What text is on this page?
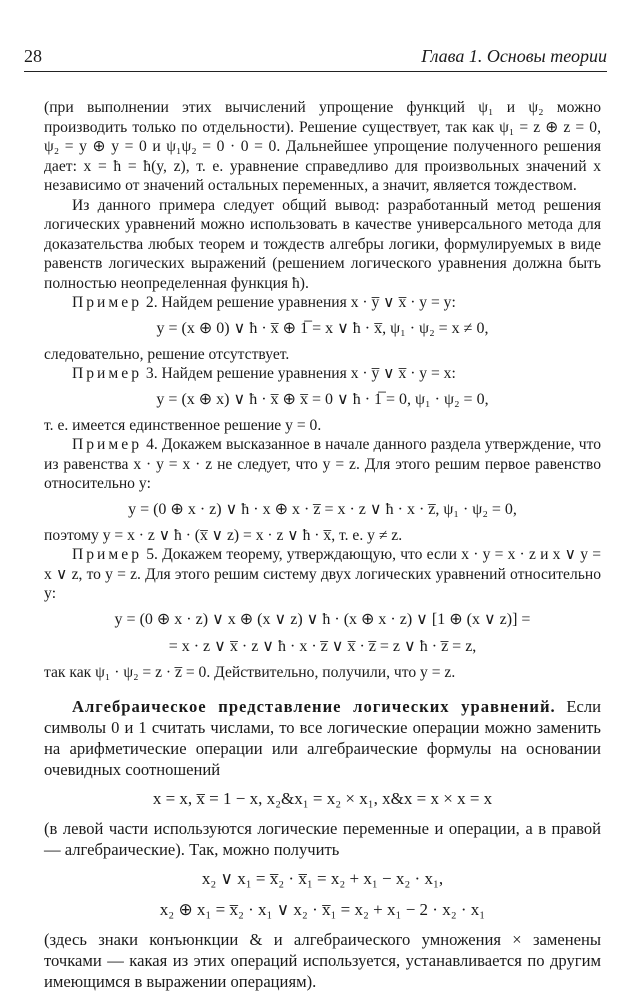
28	Глава 1. Основы теории

(при выполнении этих вычислений упрощение функций ψ₁ и ψ₂ можно производить только по отдельности). Решение существует, так как ψ₁ = z ⊕ z = 0, ψ₂ = y ⊕ y = 0 и ψ₁ψ₂ = 0 · 0 = 0. Дальнейшее упрощение полученного решения дает: x = ħ = ħ(y, z), т. е. уравнение справедливо для произвольных значений x независимо от значений остальных переменных, а значит, является тождеством.

Из данного примера следует общий вывод: разработанный метод решения логических уравнений можно использовать в качестве универсального метода для доказательства любых теорем и тождеств алгебры логики, формулируемых в виде равенств логических выражений (решением логического уравнения должна быть полностью неопределенная функция ħ).

Пример 2. Найдем решение уравнения x · y̅ ∨ x̅ · y = y:

y = (x ⊕ 0) ∨ ħ · x̅ ⊕ 1̅ = x ∨ ħ · x̅, ψ₁ · ψ₂ = x ≠ 0,

следовательно, решение отсутствует.

Пример 3. Найдем решение уравнения x · y̅ ∨ x̅ · y = x:

y = (x ⊕ x) ∨ ħ · x̅ ⊕ x̅ = 0 ∨ ħ · 1̅ = 0, ψ₁ · ψ₂ = 0,

т. е. имеется единственное решение y = 0.

Пример 4. Докажем высказанное в начале данного раздела утверждение, что из равенства x · y = x · z не следует, что y = z. Для этого решим первое равенство относительно y:

y = (0 ⊕ x · z) ∨ ħ · x ⊕ x · z̅ = x · z ∨ ħ · x · z̅, ψ₁ · ψ₂ = 0,

поэтому y = x · z ∨ ħ · (x̅ ∨ z) = x · z ∨ ħ · x̅, т. е. y ≠ z.

Пример 5. Докажем теорему, утверждающую, что если x · y = x · z и x ∨ y = x ∨ z, то y = z. Для этого решим систему двух логических уравнений относительно y:

y = (0 ⊕ x · z) ∨ x ⊕ (x ∨ z) ∨ ħ · (x ⊕ x · z) ∨ [1 ⊕ (x ∨ z)] =
= x · z ∨ x̅ · z ∨ ħ · x · z̅ ∨ x̅ · z̅ = z ∨ ħ · z̅ = z,

так как ψ₁ · ψ₂ = z · z̅ = 0. Действительно, получили, что y = z.

Алгебраическое представление логических уравнений. Если символы 0 и 1 считать числами, то все логические операции можно заменить на арифметические операции или алгебраические формулы на основании очевидных соотношений

x = x, x̅ = 1 − x, x₂&x₁ = x₂ × x₁, x&x = x × x = x

(в левой части используются логические переменные и операции, а в правой — алгебраические). Так, можно получить

x₂ ∨ x₁ = x̅₂ · x̅₁ = x₂ + x₁ − x₂ · x₁,
x₂ ⊕ x₁ = x̅₂ · x₁ ∨ x₂ · x̅₁ = x₂ + x₁ − 2 · x₂ · x₁

(здесь знаки конъюнкции & и алгебраического умножения × заменены точками — какая из этих операций используется, устанавливается по другим имеющимся в выражении операциям).
